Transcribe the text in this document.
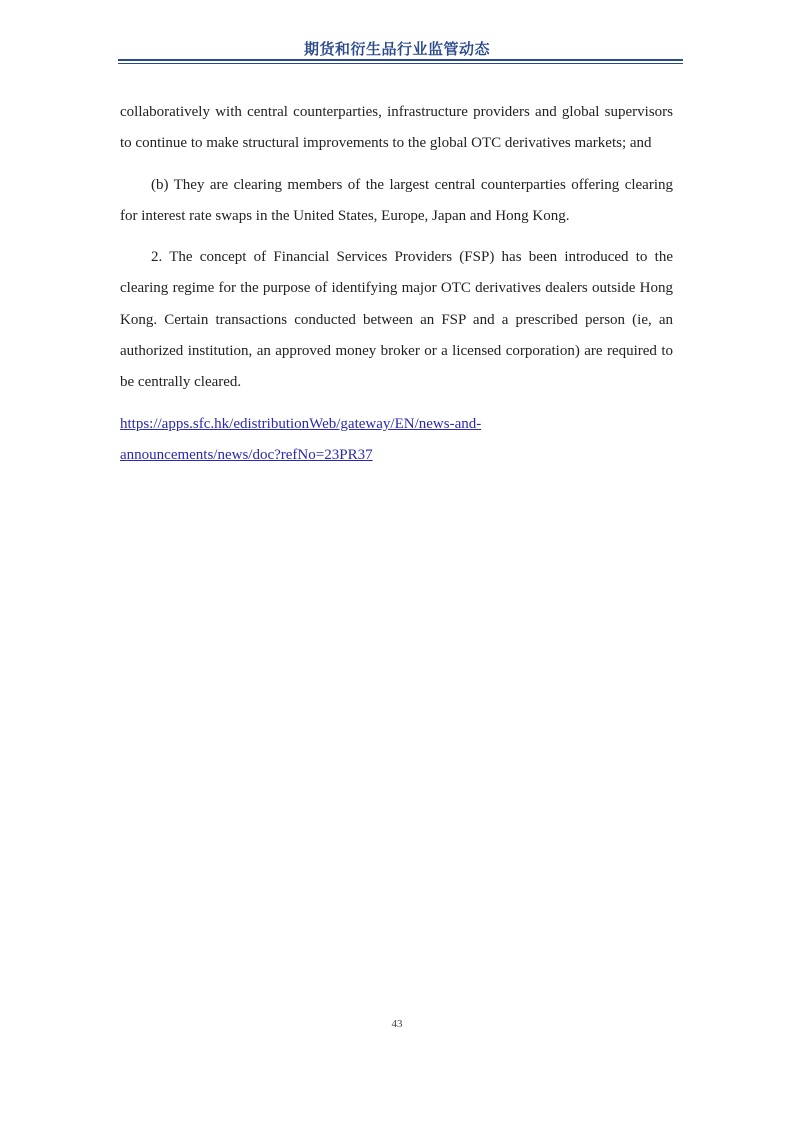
期货和衍生品行业监管动态

collaboratively with central counterparties, infrastructure providers and global supervisors to continue to make structural improvements to the global OTC derivatives markets; and

(b) They are clearing members of the largest central counterparties offering clearing for interest rate swaps in the United States, Europe, Japan and Hong Kong.

2. The concept of Financial Services Providers (FSP) has been introduced to the clearing regime for the purpose of identifying major OTC derivatives dealers outside Hong Kong. Certain transactions conducted between an FSP and a prescribed person (ie, an authorized institution, an approved money broker or a licensed corporation) are required to be centrally cleared.

https://apps.sfc.hk/edistributionWeb/gateway/EN/news-and-
announcements/news/doc?refNo=23PR37

43
